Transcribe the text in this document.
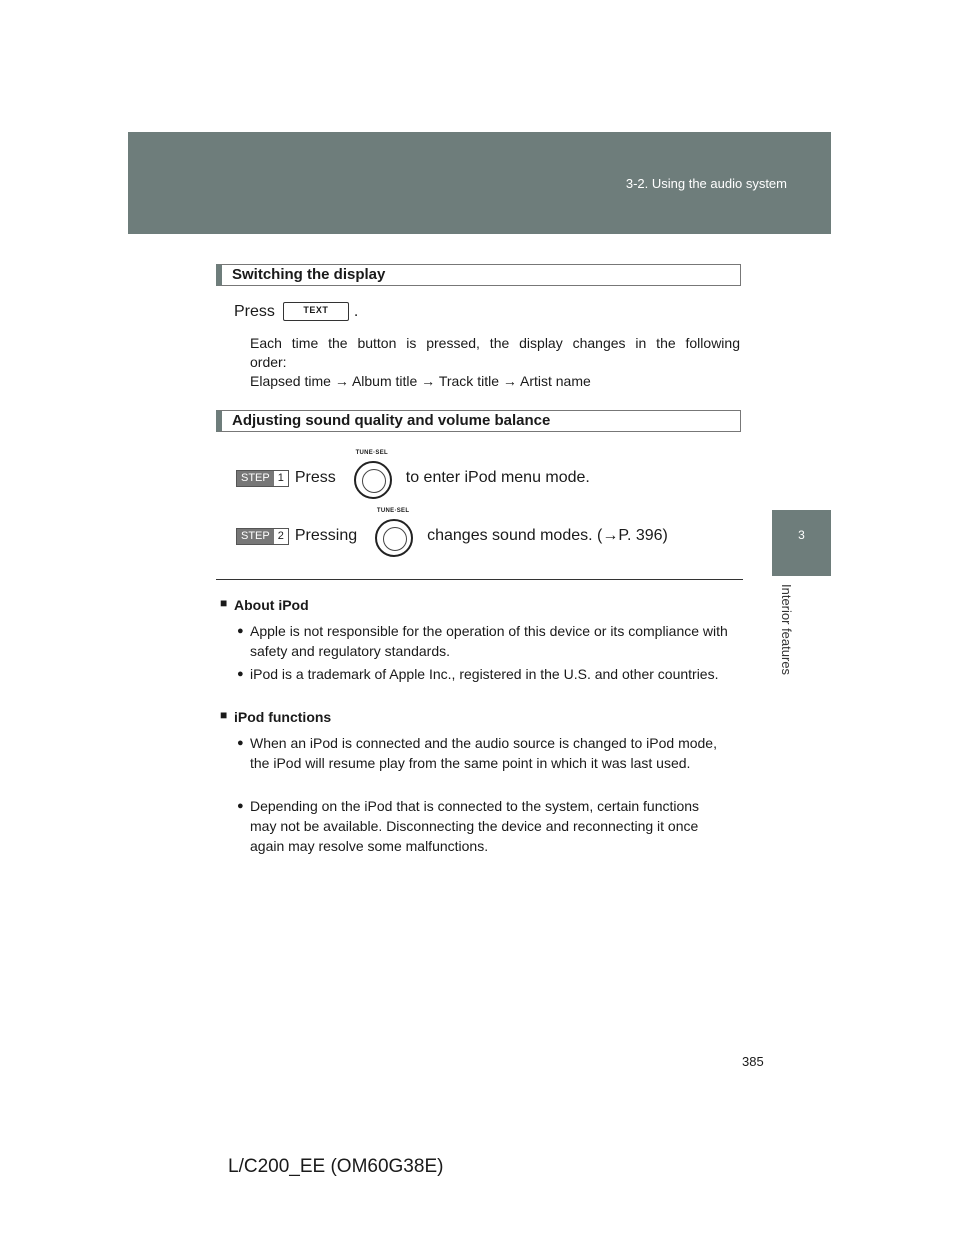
3-2. Using the audio system
3
Interior features
Switching the display
Press	TEXT	.
Each time the button is pressed, the display changes in the following
order:
Elapsed time → Album title → Track title → Artist name
Adjusting sound quality and volume balance
STEP 1 Press
TUNE·SEL
to enter iPod menu mode.
STEP 2 Pressing
TUNE·SEL
changes sound modes. (→P. 396)
■ About iPod
● Apple is not responsible for the operation of this device or its compliance with safety and regulatory standards.
● iPod is a trademark of Apple Inc., registered in the U.S. and other countries.
■ iPod functions
● When an iPod is connected and the audio source is changed to iPod mode, the iPod will resume play from the same point in which it was last used.
● Depending on the iPod that is connected to the system, certain functions may not be available. Disconnecting the device and reconnecting it once again may resolve some malfunctions.
385
L/C200_EE (OM60G38E)
